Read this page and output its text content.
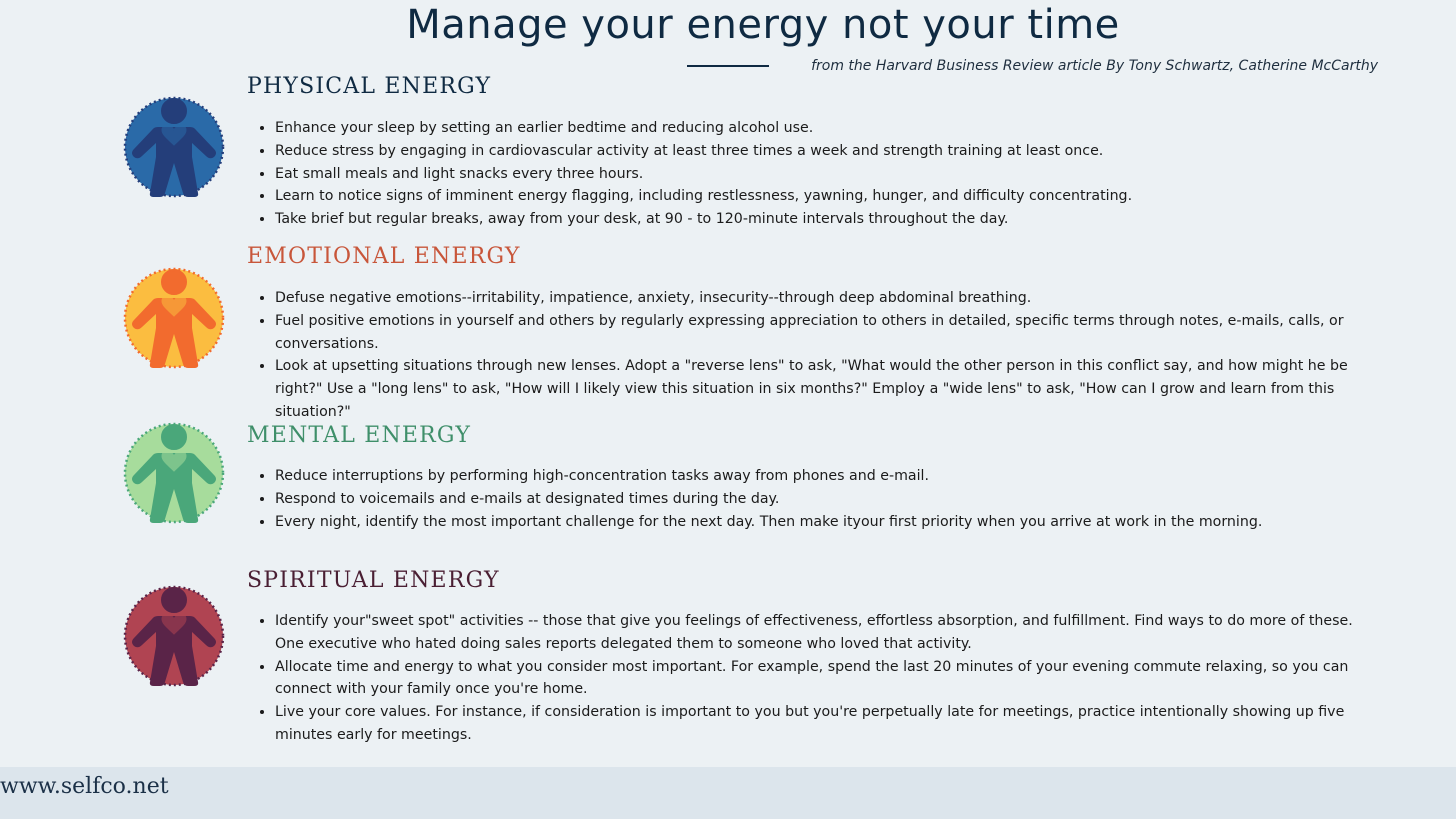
Manage your energy not your time
from the Harvard Business Review article By Tony Schwartz, Catherine McCarthy
PHYSICAL ENERGY
• Enhance your sleep by setting an earlier bedtime and reducing alcohol use.
• Reduce stress by engaging in cardiovascular activity at least three times a week and strength training at least once.
• Eat small meals and light snacks every three hours.
• Learn to notice signs of imminent energy flagging, including restlessness, yawning, hunger, and difficulty concentrating.
• Take brief but regular breaks, away from your desk, at 90 - to 120-minute intervals throughout the day.
EMOTIONAL ENERGY
• Defuse negative emotions--irritability, impatience, anxiety, insecurity--through deep abdominal breathing.
• Fuel positive emotions in yourself and others by regularly expressing appreciation to others in detailed, specific terms through notes, e-mails, calls, or conversations.
• Look at upsetting situations through new lenses. Adopt a "reverse lens" to ask, "What would the other person in this conflict say, and how might he be right?" Use a "long lens" to ask, "How will I likely view this situation in six months?" Employ a "wide lens" to ask, "How can I grow and learn from this situation?"
MENTAL ENERGY
• Reduce interruptions by performing high-concentration tasks away from phones and e-mail.
• Respond to voicemails and e-mails at designated times during the day.
• Every night, identify the most important challenge for the next day. Then make ityour first priority when you arrive at work in the morning.
SPIRITUAL ENERGY
• Identify your"sweet spot" activities -- those that give you feelings of effectiveness, effortless absorption, and fulfillment. Find ways to do more of these. One executive who hated doing sales reports delegated them to someone who loved that activity.
• Allocate time and energy to what you consider most important. For example, spend the last 20 minutes of your evening commute relaxing, so you can connect with your family once you're home.
• Live your core values. For instance, if consideration is important to you but you're perpetually late for meetings, practice intentionally showing up five minutes early for meetings.
www.selfco.net
